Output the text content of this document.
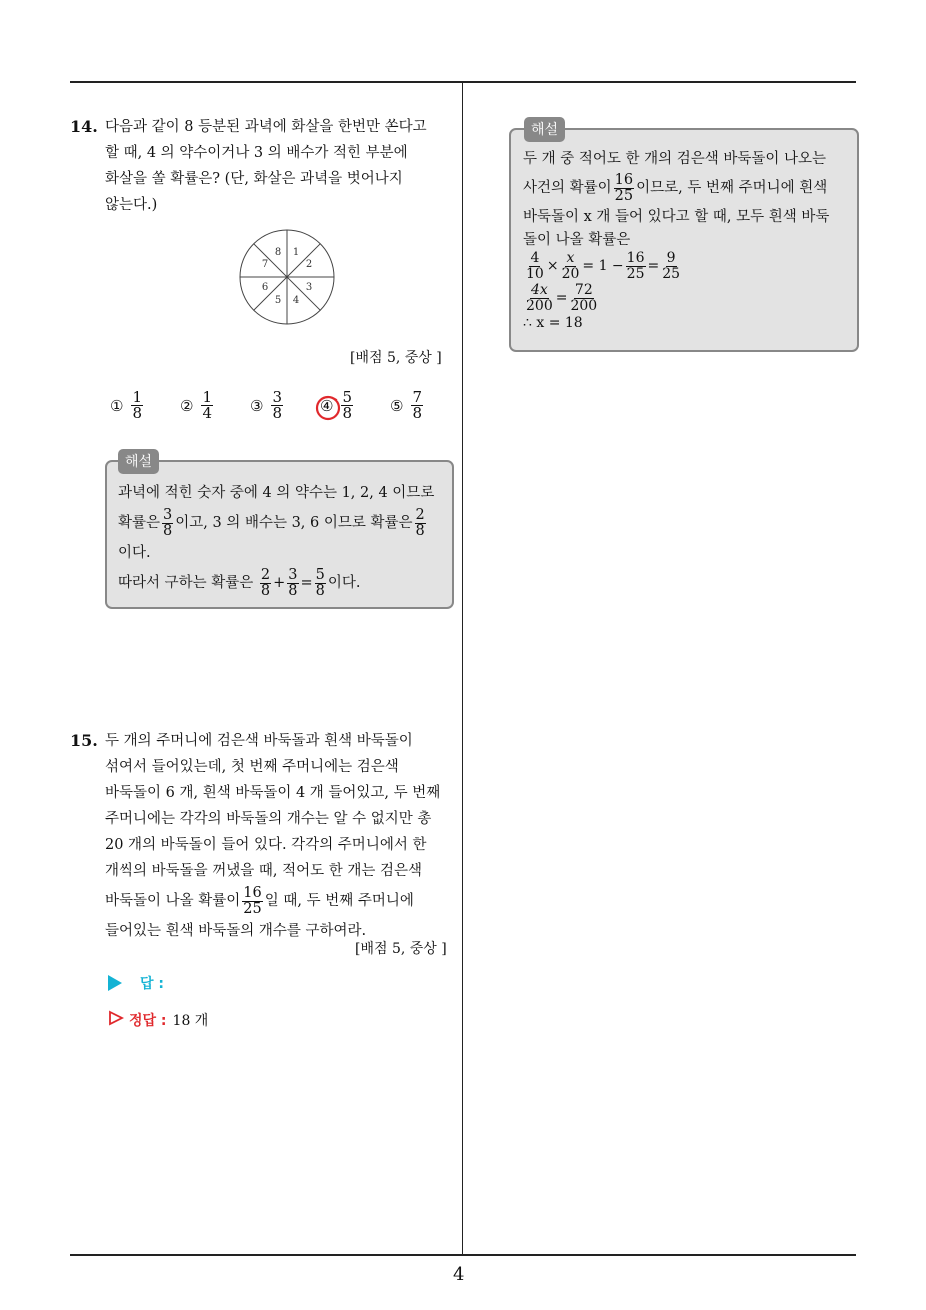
4
14. 다음과 같이 8 등분된 과녁에 화살을 한번만 쏜다고
할 때, 4 의 약수이거나 3 의 배수가 적힌 부분에
화살을 쏠 확률은? (단, 화살은 과녁을 벗어나지
않는다.)
1
2
3
4
5
6
7
8
[배점 5, 중상 ]
① $\frac{1}{8}$ ② $\frac{1}{4}$ ③ $\frac{3}{8}$ ④ $\frac{5}{8}$ ⑤ $\frac{7}{8}$
과녁에 적힌 숫자 중에 4 의 약수는 1, 2, 4 이므로
확률은 $\frac{3}{8}$ 이고, 3 의 배수는 3, 6 이므로 확률은 $\frac{2}{8}$
이다.
따라서 구하는 확률은
$\frac{2}{8} + \frac{3}{8} = \frac{5}{8}$ 이다.
해설
15. 두 개의 주머니에 검은색 바둑돌과 흰색 바둑돌이
섞여서 들어있는데, 첫 번째 주머니에는 검은색
바둑돌이 6 개, 흰색 바둑돌이 4 개 들어있고, 두 번째
주머니에는 각각의 바둑돌의 개수는 알 수 없지만 총
20 개의 바둑돌이 들어 있다. 각각의 주머니에서 한
개씩의 바둑돌을 꺼냈을 때, 적어도 한 개는 검은색
바둑돌이 나올 확률이 $\frac{16}{25}$ 일 때, 두 번째 주머니에
들어있는 흰색 바둑돌의 개수를 구하여라.
[배점 5, 중상 ]
답 :
정답 : 18 개
두 개 중 적어도 한 개의 검은색 바둑돌이 나오는
사건의 확률이 $\frac{16}{25}$ 이므로, 두 번째 주머니에 흰색
바둑돌이 x 개 들어 있다고 할 때, 모두 흰색 바둑
돌이 나올 확률은
$\frac{4}{10} \times \frac{x}{20} = 1 - \frac{16}{25} = \frac{9}{25}$
$\frac{4x}{200} = \frac{72}{200}$
∴ x = 18
해설
